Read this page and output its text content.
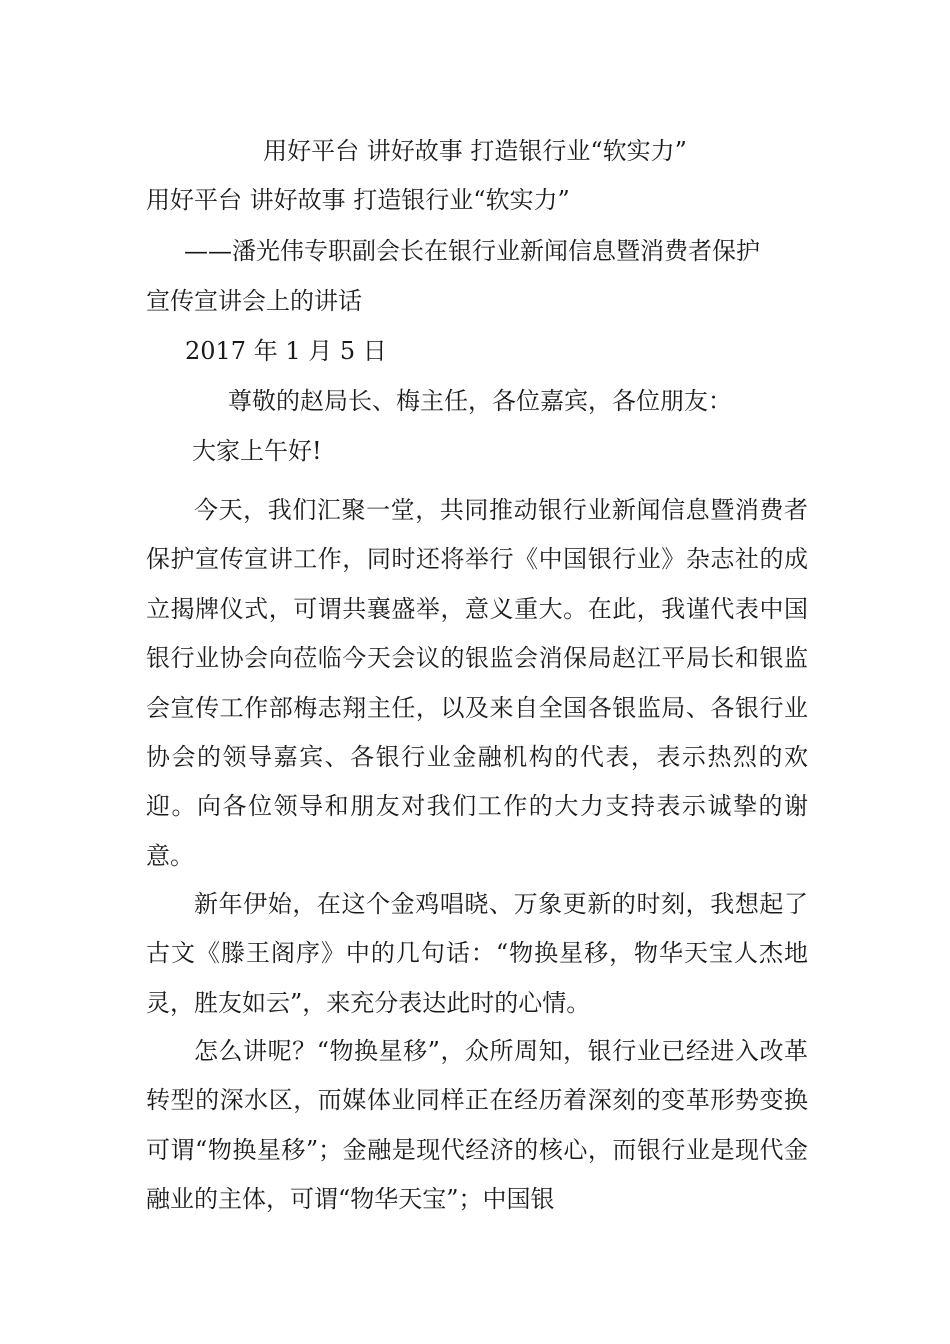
用好平台 讲好故事 打造银行业“软实力”
用好平台 讲好故事 打造银行业“软实力”
——潘光伟专职副会长在银行业新闻信息暨消费者保护
宣传宣讲会上的讲话
2017 年 1 月 5 日
尊敬的赵局长、梅主任，各位嘉宾，各位朋友：
大家上午好!
今天，我们汇聚一堂，共同推动银行业新闻信息暨消费者保护宣传宣讲工作，同时还将举行《中国银行业》杂志社的成立揭牌仪式，可谓共襄盛举，意义重大。在此，我谨代表中国银行业协会向莅临今天会议的银监会消保局赵江平局长和银监会宣传工作部梅志翔主任，以及来自全国各银监局、各银行业协会的领导嘉宾、各银行业金融机构的代表，表示热烈的欢迎。向各位领导和朋友对我们工作的大力支持表示诚挚的谢意。
新年伊始，在这个金鸡唱晓、万象更新的时刻，我想起了古文《滕王阁序》中的几句话：“物换星移，物华天宝人杰地灵，胜友如云”，来充分表达此时的心情。
怎么讲呢？“物换星移”，众所周知，银行业已经进入改革转型的深水区，而媒体业同样正在经历着深刻的变革形势变换可谓“物换星移”；金融是现代经济的核心，而银行业是现代金融业的主体，可谓“物华天宝”；中国银
